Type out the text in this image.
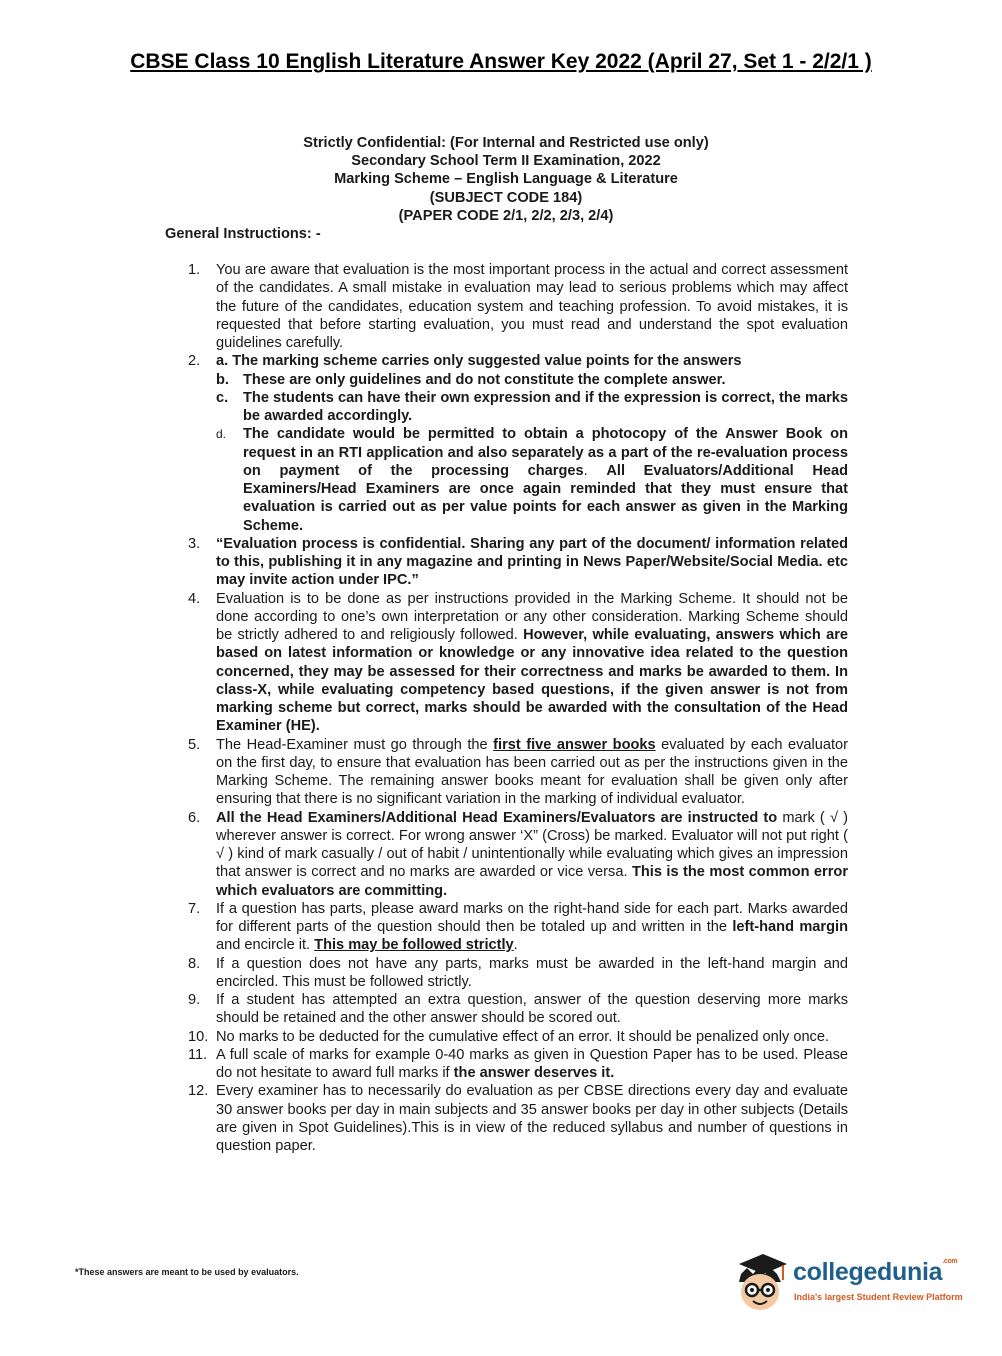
CBSE Class 10 English Literature Answer Key 2022 (April 27, Set 1 - 2/2/1 )
Strictly Confidential: (For Internal and Restricted use only)
Secondary School Term II Examination, 2022
Marking Scheme – English Language & Literature
(SUBJECT CODE 184)
(PAPER CODE 2/1, 2/2, 2/3, 2/4)
General Instructions: -
1.	You are aware that evaluation is the most important process in the actual and correct assessment of the candidates. A small mistake in evaluation may lead to serious problems which may affect the future of the candidates, education system and teaching profession. To avoid mistakes, it is requested that before starting evaluation, you must read and understand the spot evaluation guidelines carefully.
2.	a. The marking scheme carries only suggested value points for the answers
b. These are only guidelines and do not constitute the complete answer.
c.	The students can have their own expression and if the expression is correct, the marks be awarded accordingly.
d.	The candidate would be permitted to obtain a photocopy of the Answer Book on request in an RTI application and also separately as a part of the re-evaluation process on payment of the processing charges. All Evaluators/Additional Head Examiners/Head Examiners are once again reminded that they must ensure that evaluation is carried out as per value points for each answer as given in the Marking Scheme.
3.	“Evaluation process is confidential. Sharing any part of the document/ information related to this, publishing it in any magazine and printing in News Paper/Website/Social Media. etc may invite action under IPC.”
4.	Evaluation is to be done as per instructions provided in the Marking Scheme. It should not be done according to one’s own interpretation or any other consideration. Marking Scheme should be strictly adhered to and religiously followed. However, while evaluating, answers which are based on latest information or knowledge or any innovative idea related to the question concerned, they may be assessed for their correctness and marks be awarded to them. In class-X, while evaluating competency based questions, if the given answer is not from marking scheme but correct, marks should be awarded with the consultation of the Head Examiner (HE).
5.	The Head-Examiner must go through the first five answer books evaluated by each evaluator on the first day, to ensure that evaluation has been carried out as per the instructions given in the Marking Scheme. The remaining answer books meant for evaluation shall be given only after ensuring that there is no significant variation in the marking of individual evaluator.
6.	All the Head Examiners/Additional Head Examiners/Evaluators are instructed to mark ( √ ) wherever answer is correct. For wrong answer ‘X” (Cross) be marked. Evaluator will not put right ( √ ) kind of mark casually / out of habit / unintentionally while evaluating which gives an impression that answer is correct and no marks are awarded or vice versa. This is the most common error which evaluators are committing.
7.	If a question has parts, please award marks on the right-hand side for each part. Marks awarded for different parts of the question should then be totaled up and written in the left-hand margin and encircle it. This may be followed strictly.
8.	If a question does not have any parts, marks must be awarded in the left-hand margin and encircled. This must be followed strictly.
9.	If a student has attempted an extra question, answer of the question deserving more marks should be retained and the other answer should be scored out.
10. No marks to be deducted for the cumulative effect of an error. It should be penalized only once.
11. A full scale of marks for example 0-40 marks as given in Question Paper has to be used. Please do not hesitate to award full marks if the answer deserves it.
12. Every examiner has to necessarily do evaluation as per CBSE directions every day and evaluate 30 answer books per day in main subjects and 35 answer books per day in other subjects (Details are given in Spot Guidelines).This is in view of the reduced syllabus and number of questions in question paper.
*These answers are meant to be used by evaluators.	collegedunia$^{.com}$
India's largest Student Review Platform
